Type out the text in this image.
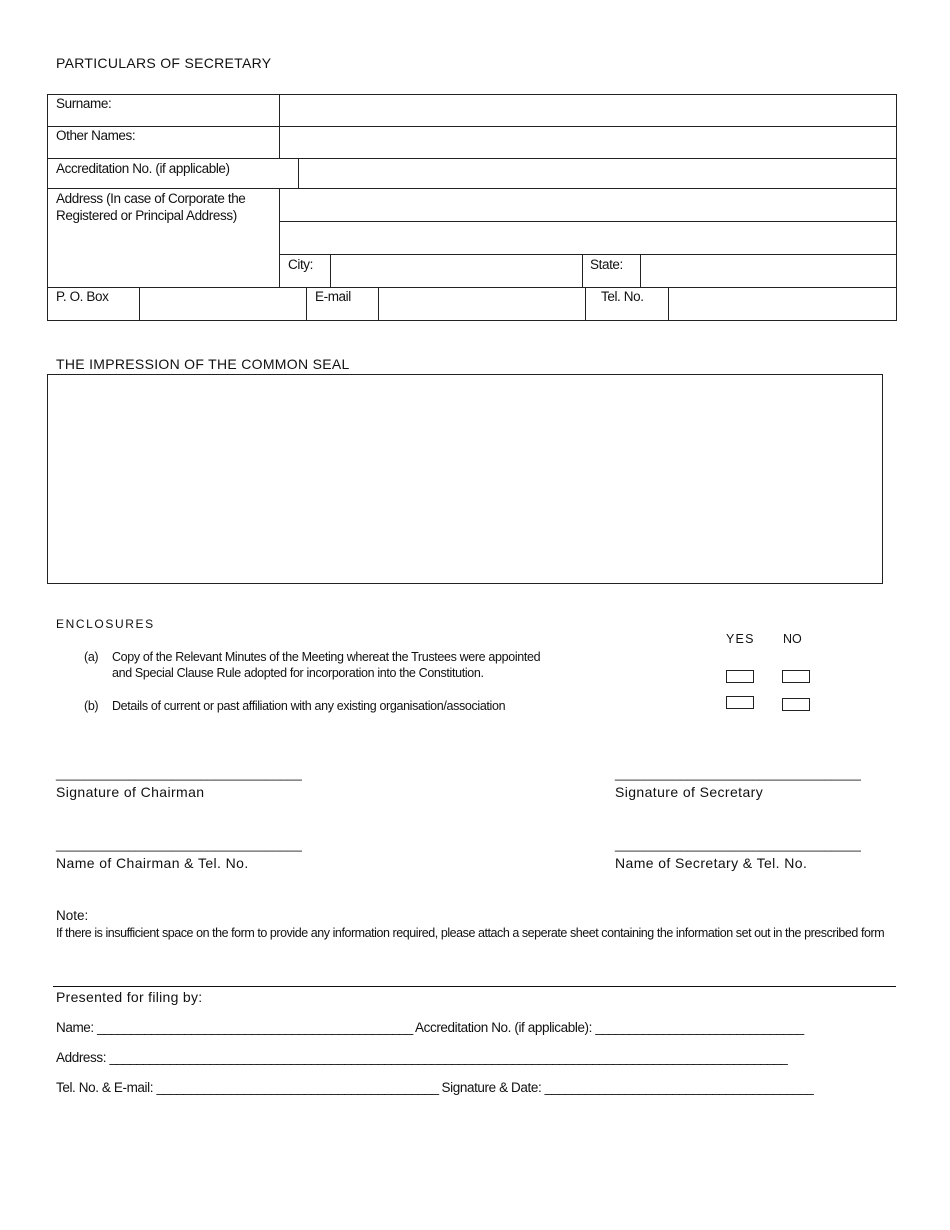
PARTICULARS OF SECRETARY
Surname:
Other Names:
Accreditation No. (if applicable)
Address (In case of Corporate the Registered or Principal Address)
City:	State:
P. O. Box	E-mail	Tel. No.
THE IMPRESSION OF THE COMMON SEAL
ENCLOSURES
YES NO
(a) Copy of the Relevant Minutes of the Meeting whereat the Trustees were appointed
and Special Clause Rule adopted for incorporation into the Constitution.
(b) Details of current or past affiliation with any existing organisation/association
__________________________________
Signature of Chairman
__________________________________
Signature of Secretary
__________________________________
Name of Chairman & Tel. No.
__________________________________
Name of Secretary & Tel. No.
Note:
If there is insufficient space on the form to provide any information required, please attach a seperate sheet containing the information set out in the prescribed form
Presented for filing by:
Name: _______________________________________________ Accreditation No. (if applicable): _______________________________
Address: _____________________________________________________________________________________________________
Tel. No. & E-mail: __________________________________________ Signature & Date: ________________________________________
